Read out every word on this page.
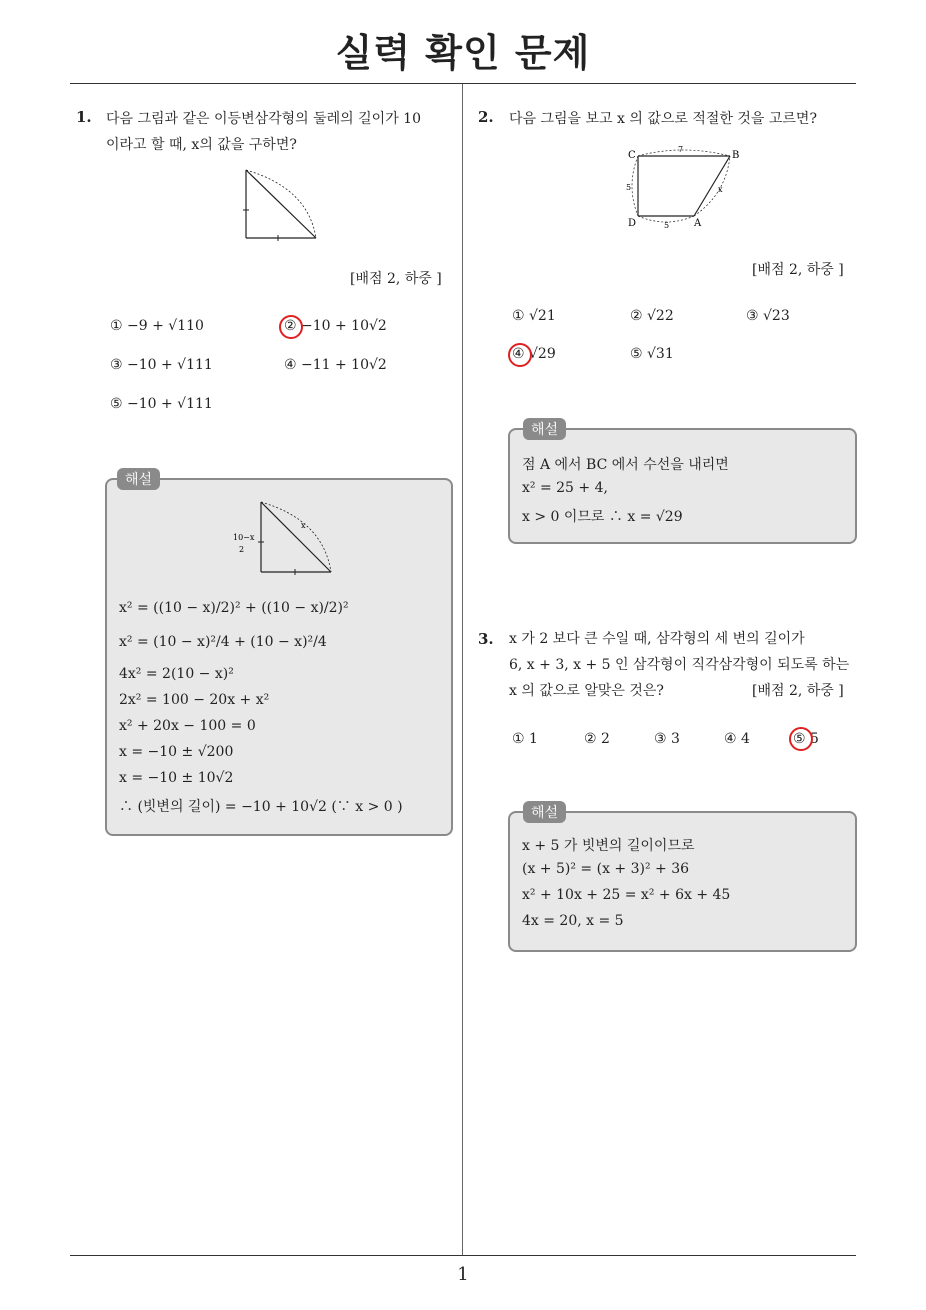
실력 확인 문제
1
1. 다음 그림과 같은 이등변삼각형의 둘레의 길이가 10
이라고 할 때, x의 값을 구하면?
[배점 2, 하중 ]
① −9 + √110	② −10 + 10√2
③ −10 + √111	④ −11 + 10√2
⑤ −10 + √111
10−x
2
x
x² = ((10 − x)/2)² + ((10 − x)/2)²
x² = (10 − x)²/4 + (10 − x)²/4
4x² = 2(10 − x)²
2x² = 100 − 20x + x²
x² + 20x − 100 = 0
x = −10 ± √200
x = −10 ± 10√2
∴ (빗변의 길이) = −10 + 10√2 (∵ x > 0 )
해설
2. 다음 그림을 보고 x 의 값으로 적절한 것을 고르면?
C	B
D	A
7
5
5
x
[배점 2, 하중 ]
① √21	② √22	③ √23
④ √29	⑤ √31
점 A 에서 BC 에서 수선을 내리면
x² = 25 + 4,
x > 0 이므로 ∴ x = √29
해설
3. x 가 2 보다 큰 수일 때, 삼각형의 세 변의 길이가
6, x + 3, x + 5 인 삼각형이 직각삼각형이 되도록 하는
x 의 값으로 알맞은 것은?	[배점 2, 하중 ]
① 1	② 2	③ 3	④ 4	⑤ 5
x + 5 가 빗변의 길이이므로
(x + 5)² = (x + 3)² + 36
x² + 10x + 25 = x² + 6x + 45
4x = 20, x = 5
해설
